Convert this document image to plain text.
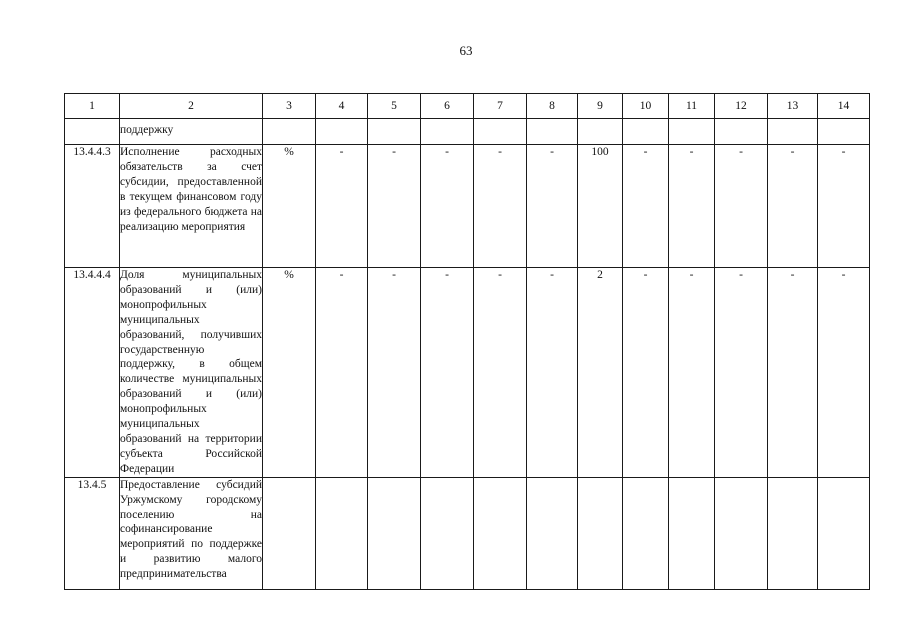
63
1	2	3	4	5	6	7	8	9	10	11	12	13	14
	поддержку												
13.4.4.3	Исполнение расходных обязательств за счет субсидии, предоставленной в текущем финансовом году из федерального бюджета на реализацию мероприятия	%	-	-	-	-	-	100	-	-	-	-	-
13.4.4.4	Доля муниципальных образований и (или) монопрофильных муниципальных образований, получивших государственную поддержку, в общем количестве муниципальных образований и (или) монопрофильных муниципальных образований на территории субъекта Российской Федерации	%	-	-	-	-	-	2	-	-	-	-	-
13.4.5	Предоставление субсидий Уржумскому городскому поселению на софинансирование мероприятий по поддержке и развитию малого предпринимательства												
